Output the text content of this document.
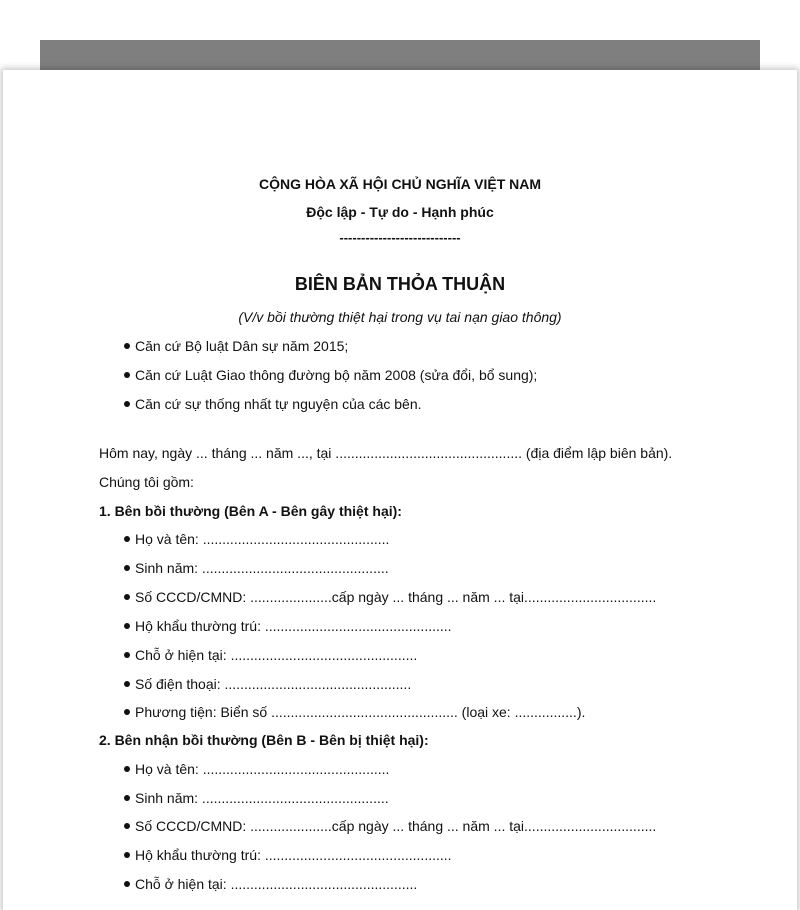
CỘNG HÒA XÃ HỘI CHỦ NGHĨA VIỆT NAM
Độc lập - Tự do - Hạnh phúc
----------------------------
BIÊN BẢN THỎA THUẬN
(V/v bồi thường thiệt hại trong vụ tai nạn giao thông)
Căn cứ Bộ luật Dân sự năm 2015;
Căn cứ Luật Giao thông đường bộ năm 2008 (sửa đổi, bổ sung);
Căn cứ sự thống nhất tự nguyện của các bên.
Hôm nay, ngày ... tháng ... năm ..., tại ................................................ (địa điểm lập biên bản).
Chúng tôi gồm:
1. Bên bồi thường (Bên A - Bên gây thiệt hại):
Họ và tên: ................................................
Sinh năm: ................................................
Số CCCD/CMND: .....................cấp ngày ... tháng ... năm ... tại..................................
Hộ khẩu thường trú: ................................................
Chỗ ở hiện tại: ................................................
Số điện thoại: ................................................
Phương tiện: Biển số ................................................ (loại xe: ................).
2. Bên nhận bồi thường (Bên B - Bên bị thiệt hại):
Họ và tên: ................................................
Sinh năm: ................................................
Số CCCD/CMND: .....................cấp ngày ... tháng ... năm ... tại..................................
Hộ khẩu thường trú: ................................................
Chỗ ở hiện tại: ................................................
